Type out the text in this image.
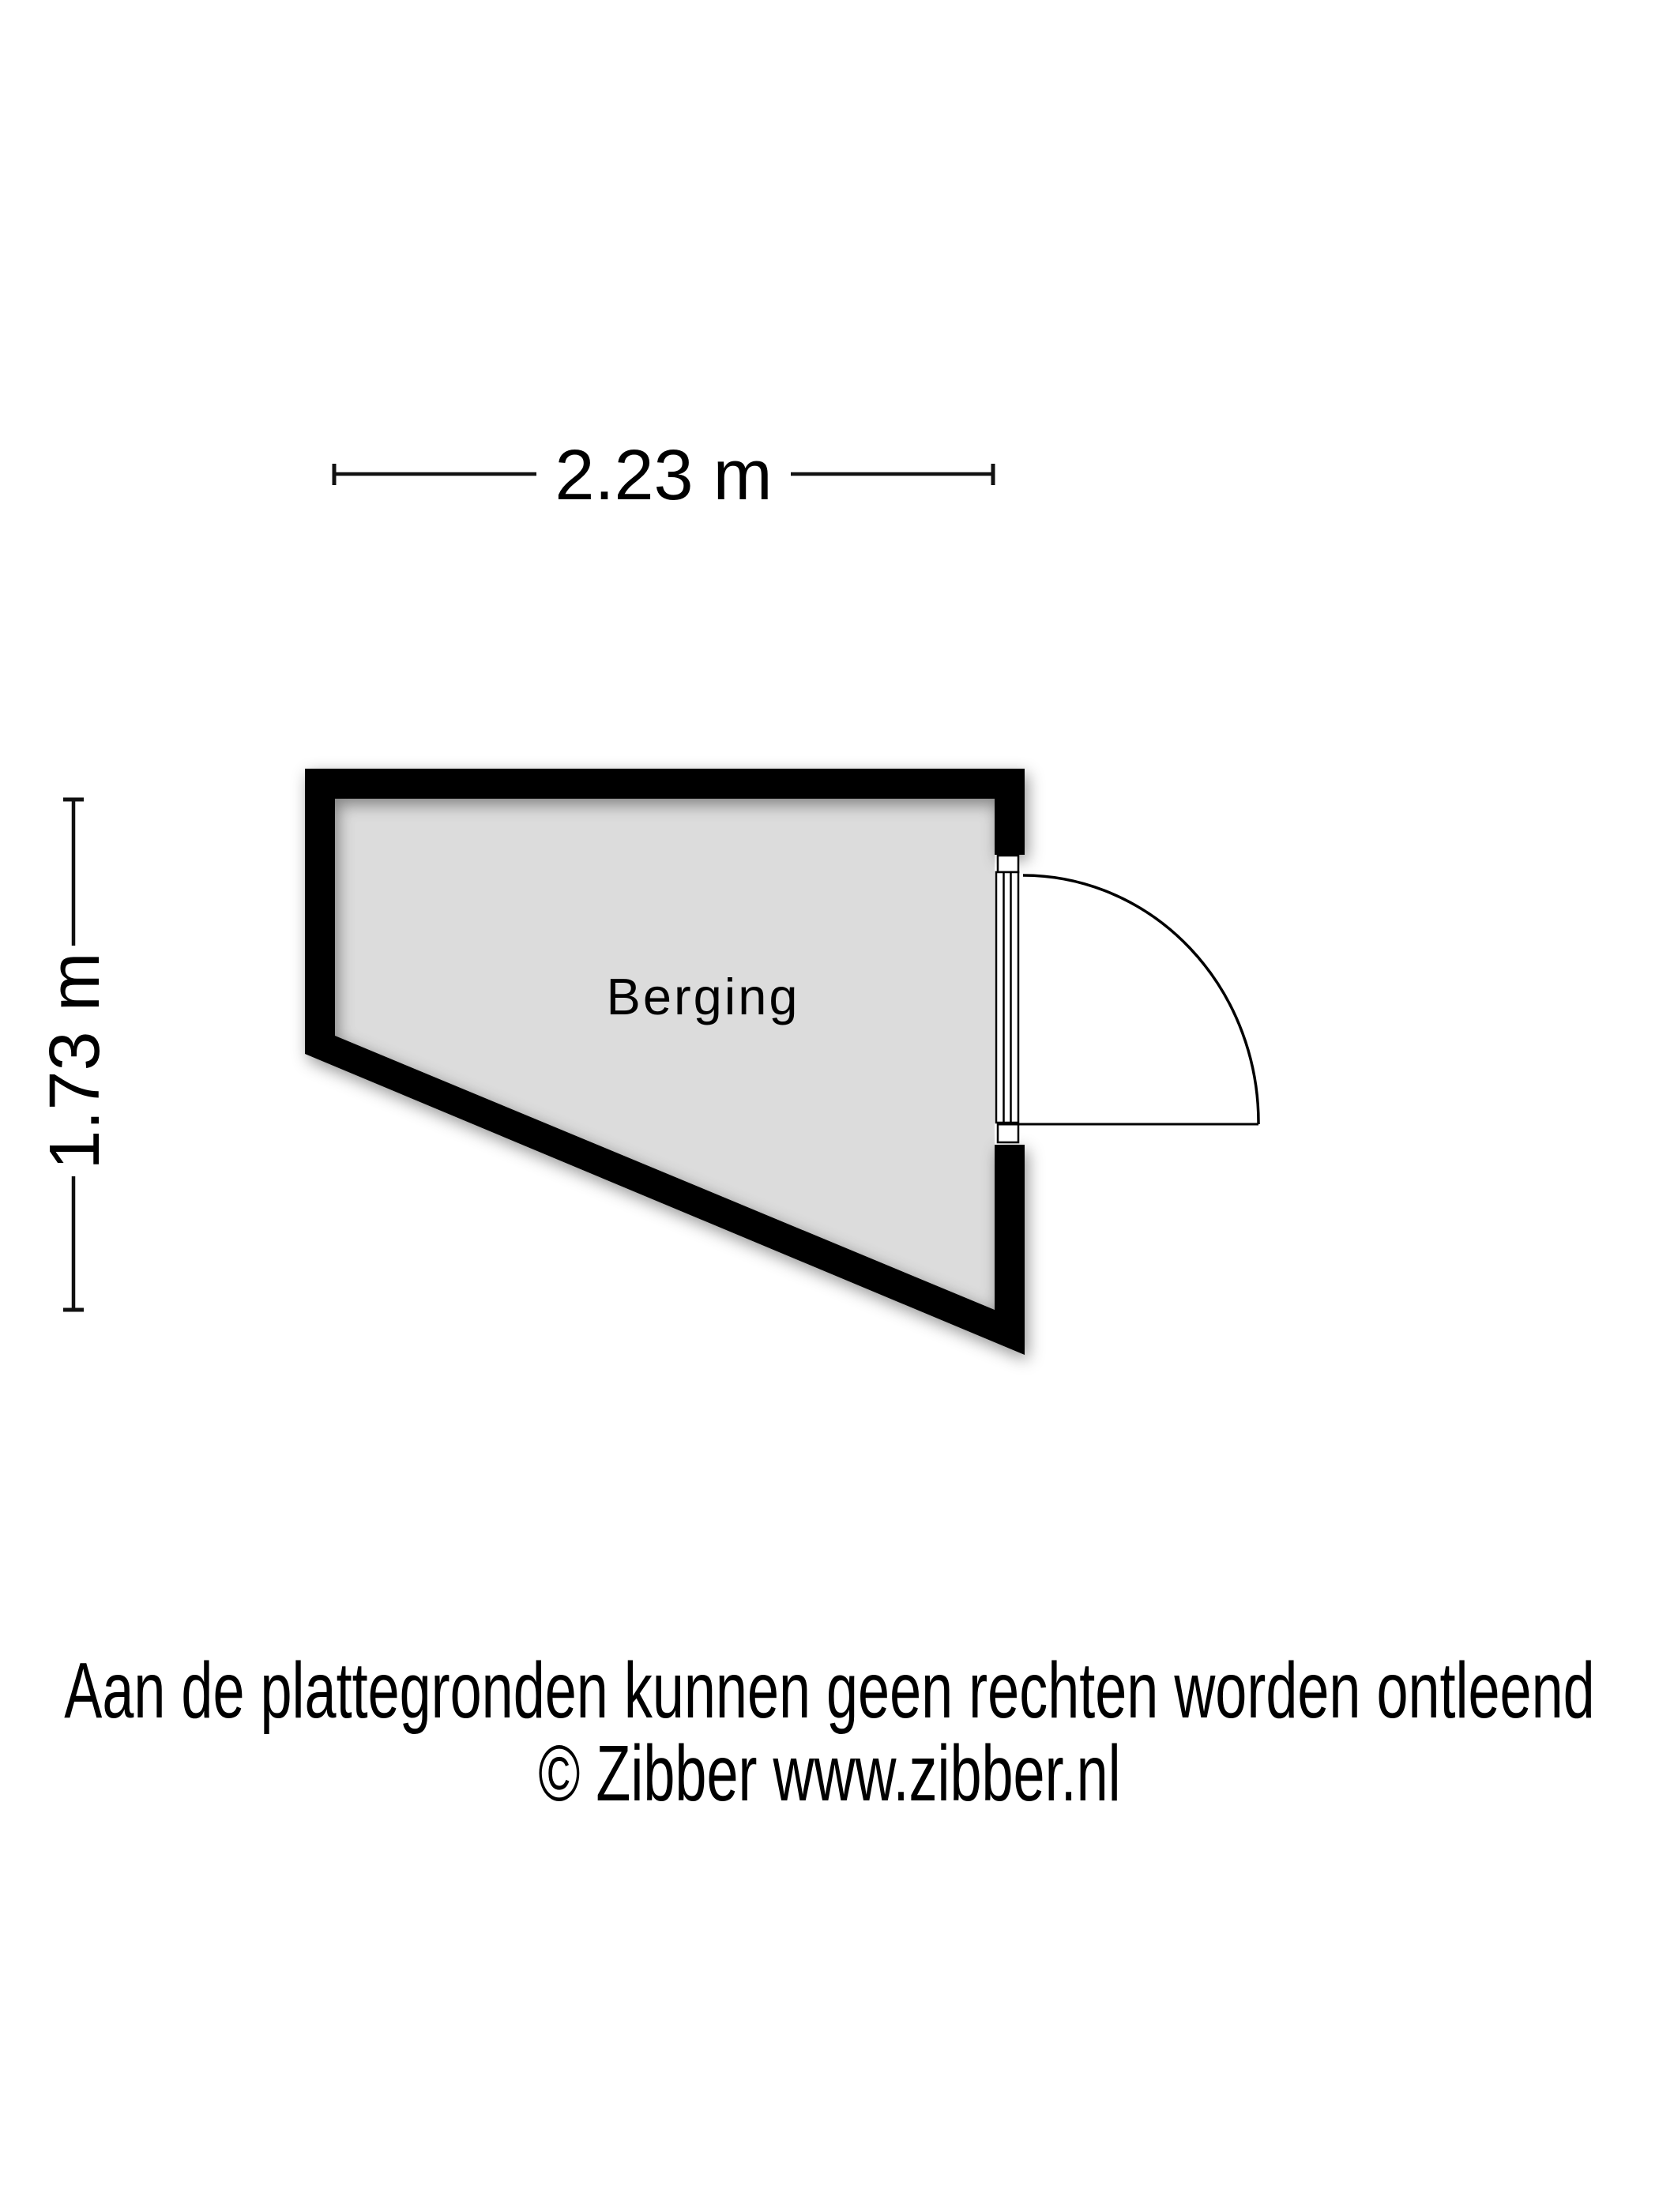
2.23 m
1.73 m	Berging
Aan de plattegronden kunnen geen rechten worden ontleend
© Zibber www.zibber.nl
